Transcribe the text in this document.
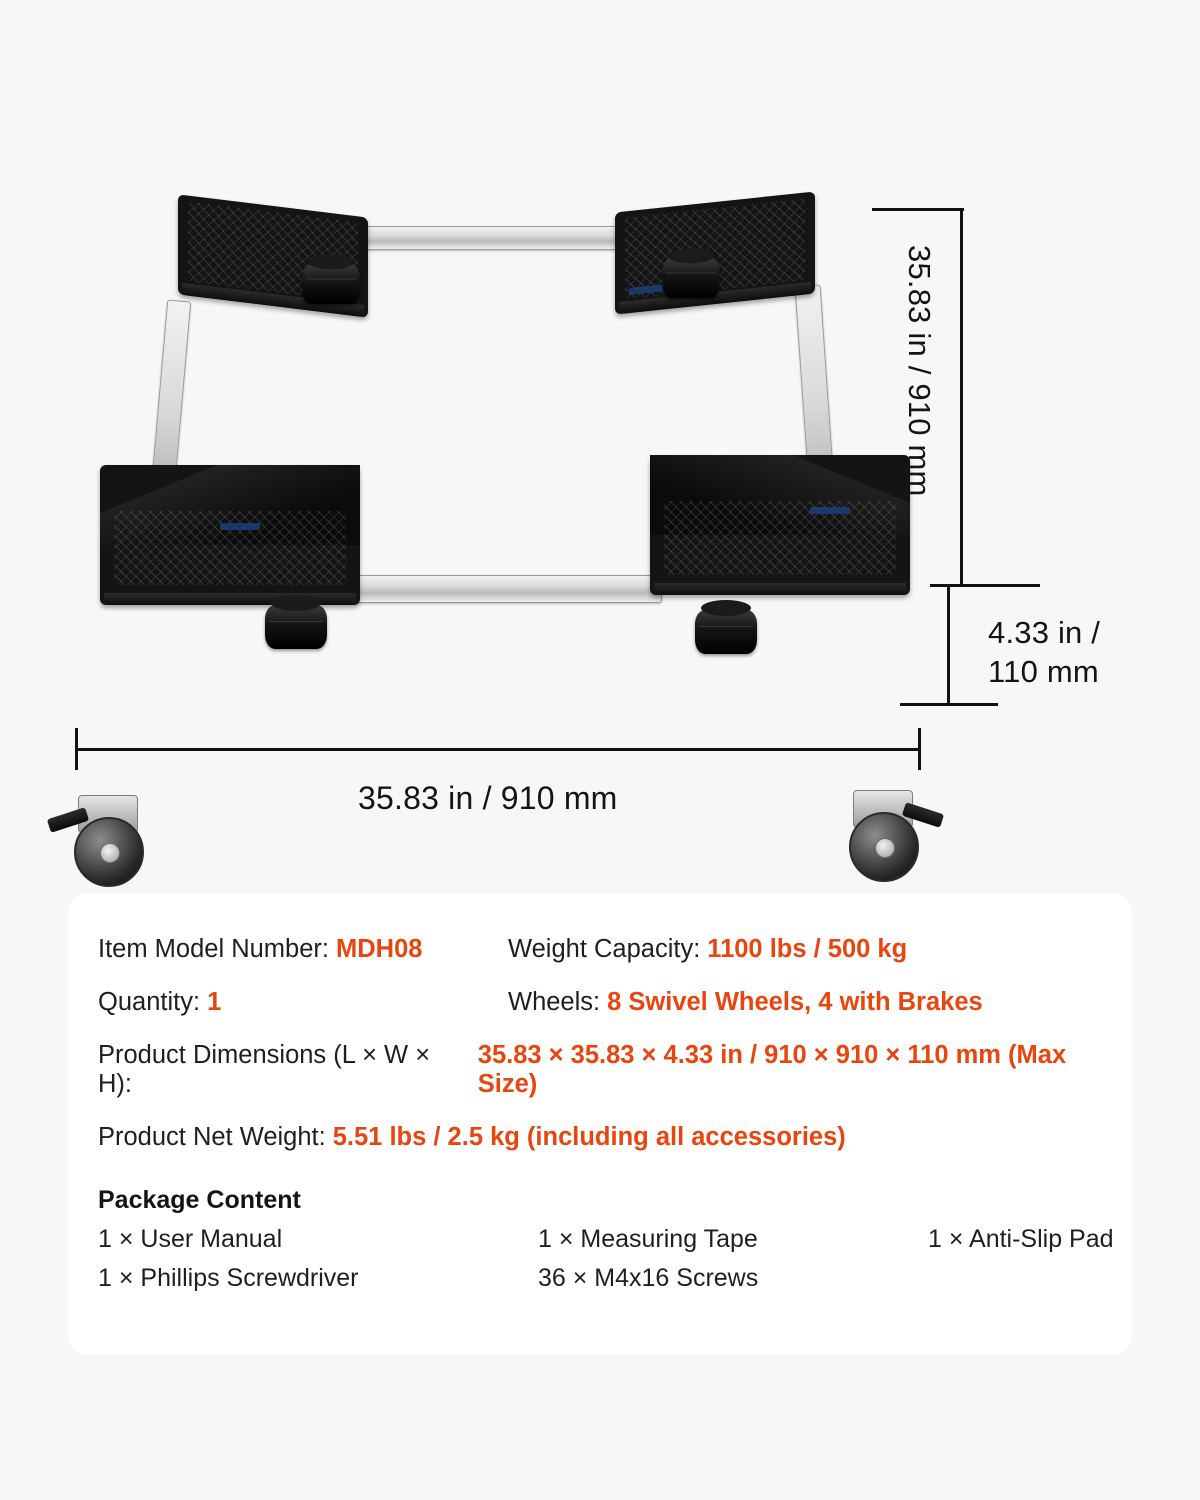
35.83 in / 910 mm
4.33 in /
110 mm
35.83 in / 910 mm
Item Model Number: MDH08	Weight Capacity: 1100 lbs / 500 kg
Quantity: 1	Wheels: 8 Swivel Wheels, 4 with Brakes
Product Dimensions (L × W × H):
35.83 × 35.83 × 4.33 in / 910 × 910 × 110 mm (Max Size)
Product Net Weight: 5.51 lbs / 2.5 kg (including all accessories)
Package Content
1 × User Manual	1 × Measuring Tape	1 × Anti-Slip Pad
1 × Phillips Screwdriver	36 × M4x16 Screws
